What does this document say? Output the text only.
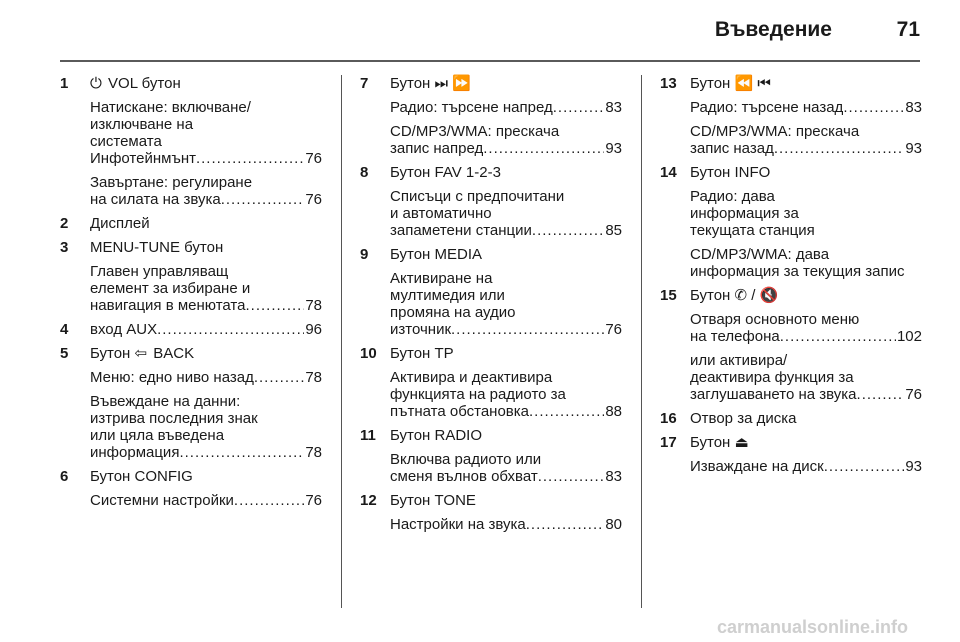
Въведение	71
1 ⏻ VOL бутон
Натискане: включване/
изключване на
системата
Инфотейнмънт .....	76
Завъртане: регулиране
на силата на звука .....	76
2 Дисплей
3 MENU-TUNE бутон
Главен управляващ
елемент за избиране и
навигация в менютата .....	78
4 вход AUX .....	96
5 Бутон ⇦ BACK
Меню: едно ниво назад .....	78
Въвеждане на данни:
изтрива последния знак
или цяла въведена
информация .....	78
6 Бутон CONFIG
Системни настройки .....	76
7 Бутон ⏭ ⏩
Радио: търсене напред .....	83
CD/MP3/WMA: прескача
запис напред .....	93
8 Бутон FAV 1-2-3
Списъци с предпочитани
и автоматично
запаметени станции .....	85
9 Бутон MEDIA
Активиране на
мултимедия или
промяна на аудио
източник .....	76
10 Бутон TP
Активира и деактивира
функцията на радиото за
пътната обстановка .....	88
11 Бутон RADIO
Включва радиото или
сменя вълнов обхват .....	83
12 Бутон TONE
Настройки на звука .....	80
13 Бутон ⏪ ⏮
Радио: търсене назад .....	83
CD/MP3/WMA: прескача
запис назад .....	93
14 Бутон INFO
Радио: дава
информация за
текущата станция
CD/MP3/WMA: дава
информация за текущия запис
15 Бутон ✆ / 🔇
Отваря основното меню
на телефона .....	102
или активира/
деактивира функция за
заглушаването на звука .....	76
16 Отвор за диска
17 Бутон ⏏
Изваждане на диск .....	93
carmanualsonline.info
